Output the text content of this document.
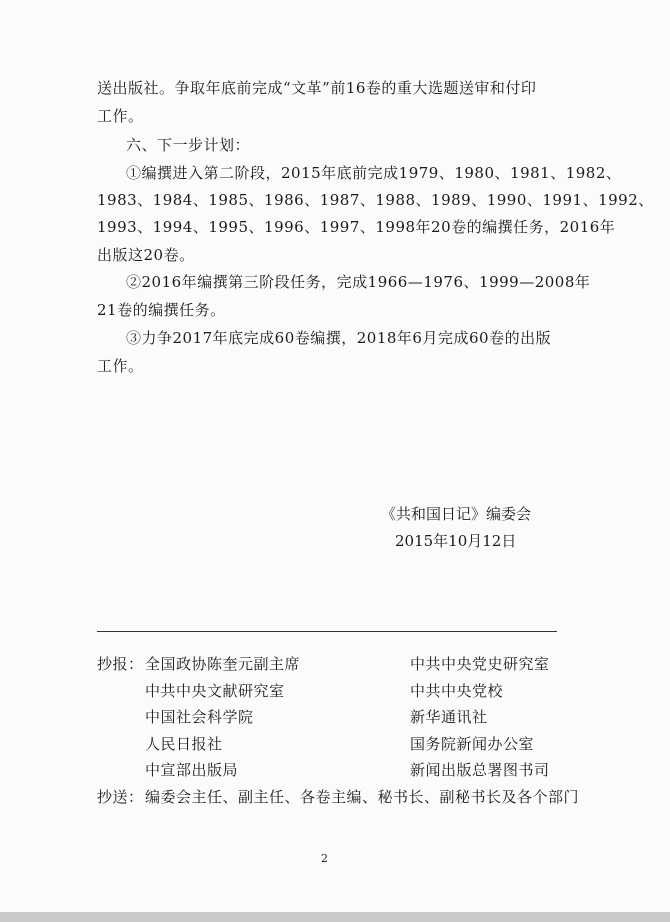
送出版社。争取年底前完成“文革”前16卷的重大选题送审和付印
工作。
六、下一步计划：
①编撰进入第二阶段，2015年底前完成1979、1980、1981、1982、
1983、1984、1985、1986、1987、1988、1989、1990、1991、1992、
1993、1994、1995、1996、1997、1998年20卷的编撰任务，2016年
出版这20卷。
②2016年编撰第三阶段任务，完成1966—1976、1999—2008年
21卷的编撰任务。
③力争2017年底完成60卷编撰，2018年6月完成60卷的出版
工作。
《共和国日记》编委会
2015年10月12日
抄报： 全国政协陈奎元副主席
中共中央文献研究室
中国社会科学院
人民日报社
中宣部出版局
中共中央党史研究室
中共中央党校
新华通讯社
国务院新闻办公室
新闻出版总署图书司
抄送： 编委会主任、副主任、各卷主编、秘书长、副秘书长及各个部门
2
